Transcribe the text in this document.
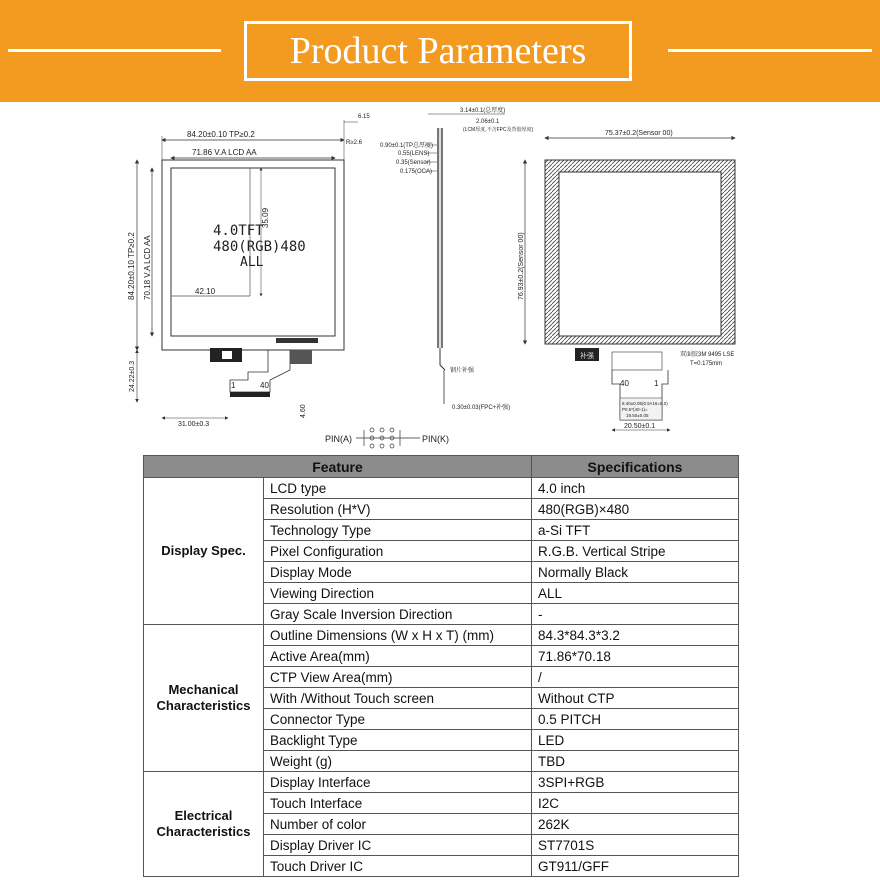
Product Parameters
84.20±0.10 TP≥0.2
71.86 V.A LCD AA
6.15
R≥2.6
84.20±0.10 TP≥0.2 70.18 V.A LCD AA
4.0TFT
480(RGB)480
ALL
42.10
35.09
1	40
24.22±0.3
31.00±0.3
4.60
PIN(A)	PIN(K)
3.14±0.1(总厚度)
2.06±0.1
(LCM厚度,不含FPC及背胶厚度)
0.90±0.1(TP总厚度)
0.55(LENS)
0.35(Sensor)
0.175(OCA)
钢片补强
0.30±0.03(FPC+补强)
75.37±0.2(Sensor 00)
76.93±0.2(Sensor 00)
补强	双面胶3M 9495 LSE
T=0.175mm
40	1
8.40±0.05(0.5×16=8.0)
P0.5*(40-1)=
19.50±0.05
20.50±0.1
Feature		Specifications

Display Spec.	LCD type	4.0 inch
	Resolution (H*V)	480(RGB)×480
	Technology Type	a-Si TFT
	Pixel Configuration	R.G.B. Vertical Stripe
	Display Mode	Normally Black
	Viewing Direction	ALL
	Gray Scale Inversion Direction	-

Mechanical
Characteristics	Outline Dimensions (W x H x T) (mm)	84.3*84.3*3.2
	Active Area(mm)	71.86*70.18
	CTP View Area(mm)	/
	With /Without Touch screen	Without CTP
	Connector Type	0.5 PITCH
	Backlight Type	LED
	Weight (g)	TBD

Electrical
Characteristics	Display Interface	3SPI+RGB
	Touch Interface	I2C
	Number of color	262K
	Display Driver IC	ST7701S
	Touch Driver IC	GT911/GFF
